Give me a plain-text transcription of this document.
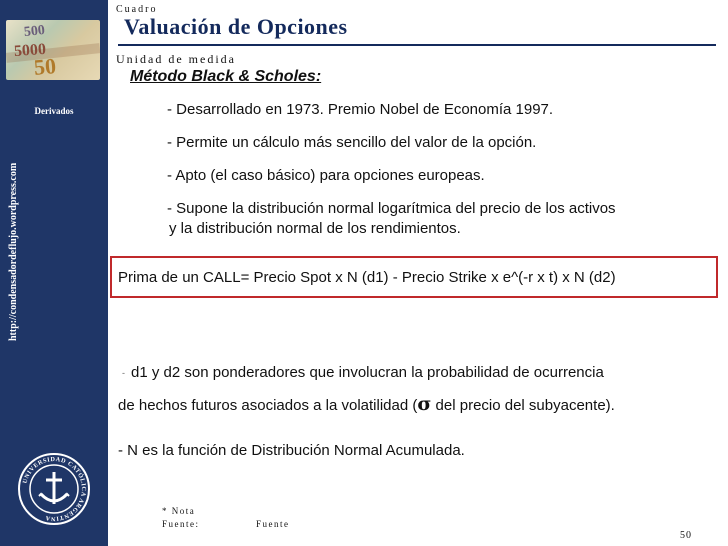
500
5000
50
Derivados
http://condensadordeflujo.wordpress.com
UNIVERSIDAD CATÓLICA ARGENTINA
Cuadro
Valuación de Opciones
Unidad de medida
Método Black & Scholes:
- Desarrollado en 1973. Premio Nobel de Economía 1997.
- Permite un cálculo más sencillo del valor de la opción.
- Apto (el caso básico) para opciones europeas.
- Supone la distribución normal logarítmica del precio de los activos
y la distribución normal de los rendimientos.
Prima de un CALL= Precio Spot x N (d1) - Precio Strike x e^(-r x t) x N (d2)
- d1 y d2 son ponderadores que involucran la probabilidad de ocurrencia
de hechos futuros asociados a la volatilidad (σ del precio del subyacente).
- N es la función de Distribución Normal Acumulada.
* Nota
Fuente:	Fuente
50
